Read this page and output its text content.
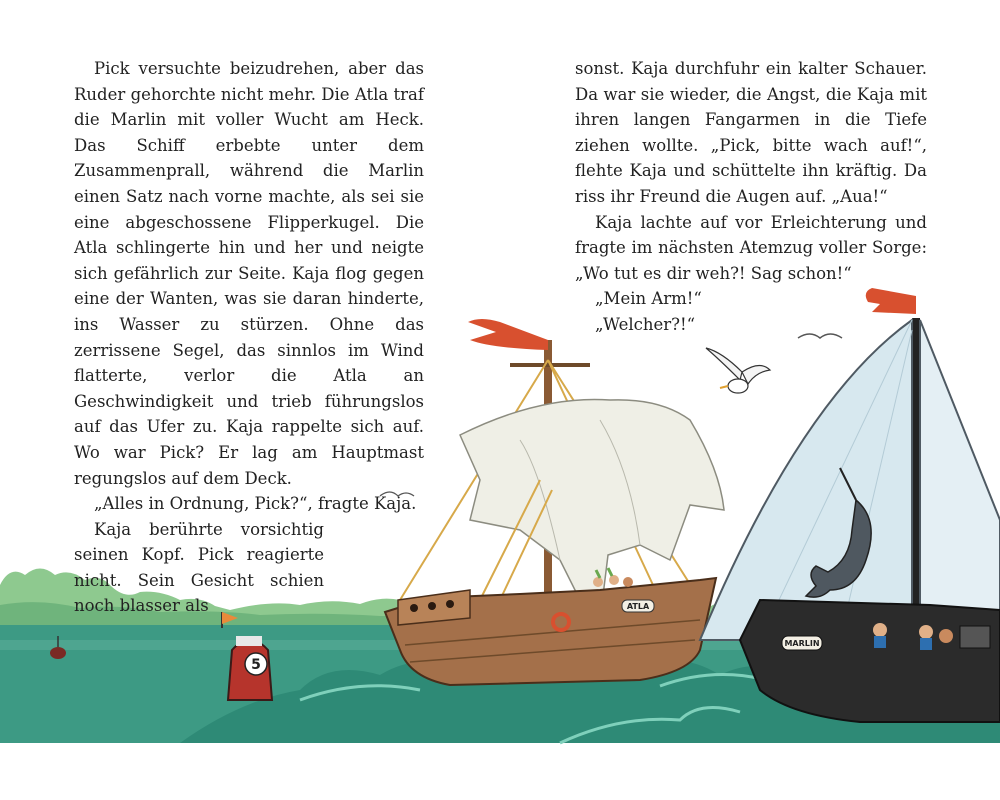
5
ATLA
MARLIN

Pick versuchte beizudrehen, aber das Ruder gehorchte nicht mehr. Die Atla traf die Marlin mit voller Wucht am Heck. Das Schiff erbebte unter dem Zusammenprall, während die Marlin einen Satz nach vorne machte, als sei sie eine abgeschossene Flipperkugel. Die Atla schlingerte hin und her und neigte sich gefährlich zur Seite. Kaja flog gegen eine der Wanten, was sie daran hinderte, ins Wasser zu stürzen. Ohne das zerrissene Segel, das sinnlos im Wind flatterte, verlor die Atla an Geschwindigkeit und trieb führungslos auf das Ufer zu. Kaja rappelte sich auf. Wo war Pick? Er lag am Hauptmast regungslos auf dem Deck.

„Alles in Ordnung, Pick?“, fragte Kaja.

Kaja berührte vorsichtig seinen Kopf. Pick reagierte nicht. Sein Gesicht schien noch blasser als

sonst. Kaja durchfuhr ein kalter Schauer. Da war sie wieder, die Angst, die Kaja mit ihren langen Fangarmen in die Tiefe ziehen wollte. „Pick, bitte wach auf!“, flehte Kaja und schüttelte ihn kräftig. Da riss ihr Freund die Augen auf. „Aua!“

Kaja lachte auf vor Erleichterung und fragte im nächsten Atemzug voller Sorge: „Wo tut es dir weh?! Sag schon!“

„Mein Arm!“

„Welcher?!“
